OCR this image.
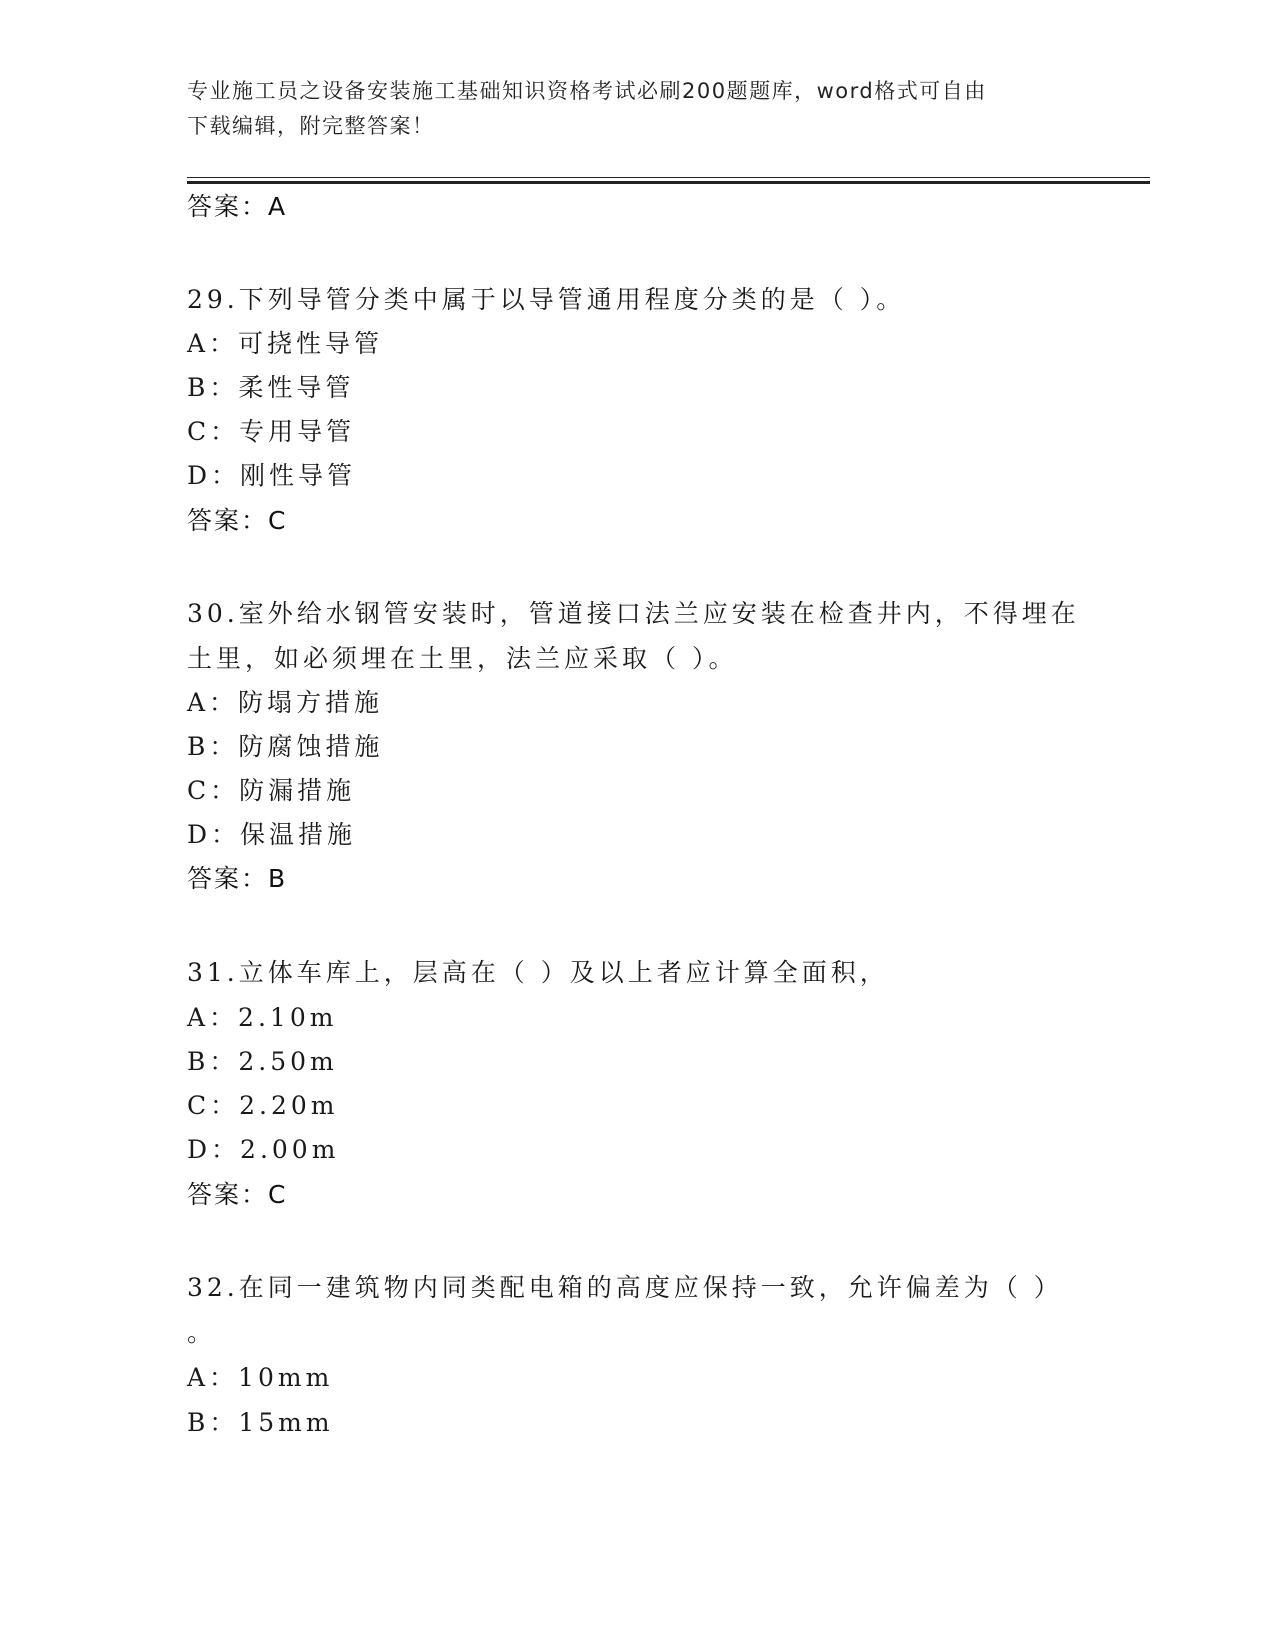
专业施工员之设备安装施工基础知识资格考试必刷200题题库，word格式可自由
下载编辑，附完整答案！
答案：A
29.下列导管分类中属于以导管通用程度分类的是（ ）。
A：可挠性导管
B：柔性导管
C：专用导管
D：刚性导管
答案：C
30.室外给水钢管安装时，管道接口法兰应安装在检查井内，不得埋在
土里，如必须埋在土里，法兰应采取（ ）。
A：防塌方措施
B：防腐蚀措施
C：防漏措施
D：保温措施
答案：B
31.立体车库上，层高在（ ）及以上者应计算全面积，
A：2.10m
B：2.50m
C：2.20m
D：2.00m
答案：C
32.在同一建筑物内同类配电箱的高度应保持一致，允许偏差为（ ）
。
A：10mm
B：15mm
